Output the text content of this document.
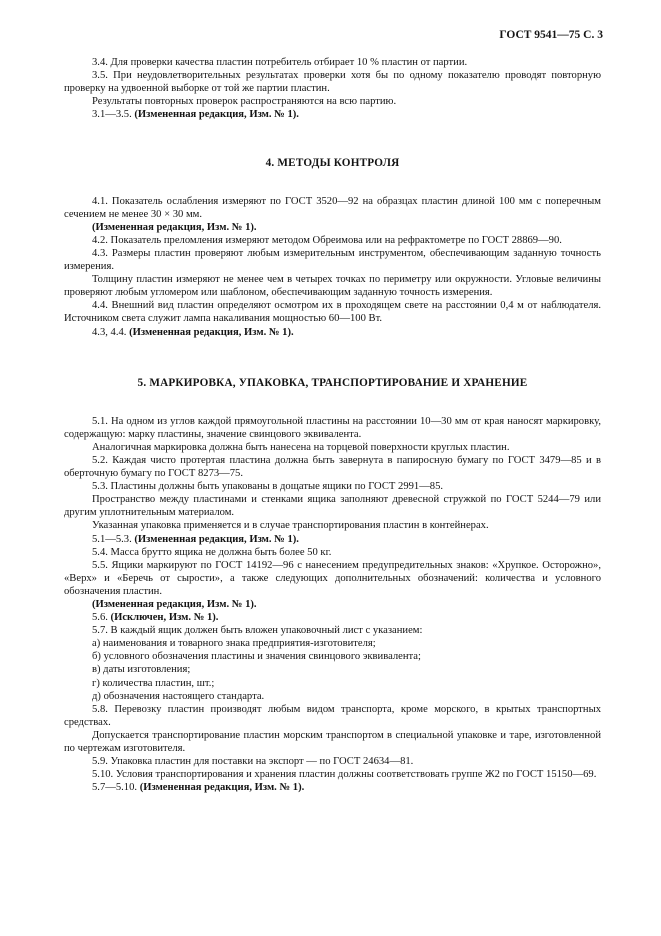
ГОСТ 9541—75 С. 3

3.4. Для проверки качества пластин потребитель отбирает 10 % пластин от партии.

3.5. При неудовлетворительных результатах проверки хотя бы по одному показателю проводят повторную проверку на удвоенной выборке от той же партии пластин.

Результаты повторных проверок распространяются на всю партию.

3.1—3.5. (Измененная редакция, Изм. № 1).

4. МЕТОДЫ КОНТРОЛЯ

4.1. Показатель ослабления измеряют по ГОСТ 3520—92 на образцах пластин длиной 100 мм с поперечным сечением не менее 30 × 30 мм.

(Измененная редакция, Изм. № 1).

4.2. Показатель преломления измеряют методом Обреимова или на рефрактометре по ГОСТ 28869—90.

4.3. Размеры пластин проверяют любым измерительным инструментом, обеспечивающим заданную точность измерения.

Толщину пластин измеряют не менее чем в четырех точках по периметру или окружности. Угловые величины проверяют любым угломером или шаблоном, обеспечивающим заданную точность измерения.

4.4. Внешний вид пластин определяют осмотром их в проходящем свете на расстоянии 0,4 м от наблюдателя. Источником света служит лампа накаливания мощностью 60—100 Вт.

4.3, 4.4. (Измененная редакция, Изм. № 1).

5. МАРКИРОВКА, УПАКОВКА, ТРАНСПОРТИРОВАНИЕ И ХРАНЕНИЕ

5.1. На одном из углов каждой прямоугольной пластины на расстоянии 10—30 мм от края наносят маркировку, содержащую: марку пластины, значение свинцового эквивалента.

Аналогичная маркировка должна быть нанесена на торцевой поверхности круглых пластин.

5.2. Каждая чисто протертая пластина должна быть завернута в папиросную бумагу по ГОСТ 3479—85 и в оберточную бумагу по ГОСТ 8273—75.

5.3. Пластины должны быть упакованы в дощатые ящики по ГОСТ 2991—85.

Пространство между пластинами и стенками ящика заполняют древесной стружкой по ГОСТ 5244—79 или другим уплотнительным материалом.

Указанная упаковка применяется и в случае транспортирования пластин в контейнерах.

5.1—5.3. (Измененная редакция, Изм. № 1).

5.4. Масса брутто ящика не должна быть более 50 кг.

5.5. Ящики маркируют по ГОСТ 14192—96 с нанесением предупредительных знаков: «Хрупкое. Осторожно», «Верх» и «Беречь от сырости», а также следующих дополнительных обозначений: количества и условного обозначения пластин.

(Измененная редакция, Изм. № 1).

5.6. (Исключен, Изм. № 1).

5.7. В каждый ящик должен быть вложен упаковочный лист с указанием:

а) наименования и товарного знака предприятия-изготовителя;

б) условного обозначения пластины и значения свинцового эквивалента;

в) даты изготовления;

г) количества пластин, шт.;

д) обозначения настоящего стандарта.

5.8. Перевозку пластин производят любым видом транспорта, кроме морского, в крытых транспортных средствах.

Допускается транспортирование пластин морским транспортом в специальной упаковке и таре, изготовленной по чертежам изготовителя.

5.9. Упаковка пластин для поставки на экспорт — по ГОСТ 24634—81.

5.10. Условия транспортирования и хранения пластин должны соответствовать группе Ж2 по ГОСТ 15150—69.

5.7—5.10. (Измененная редакция, Изм. № 1).
